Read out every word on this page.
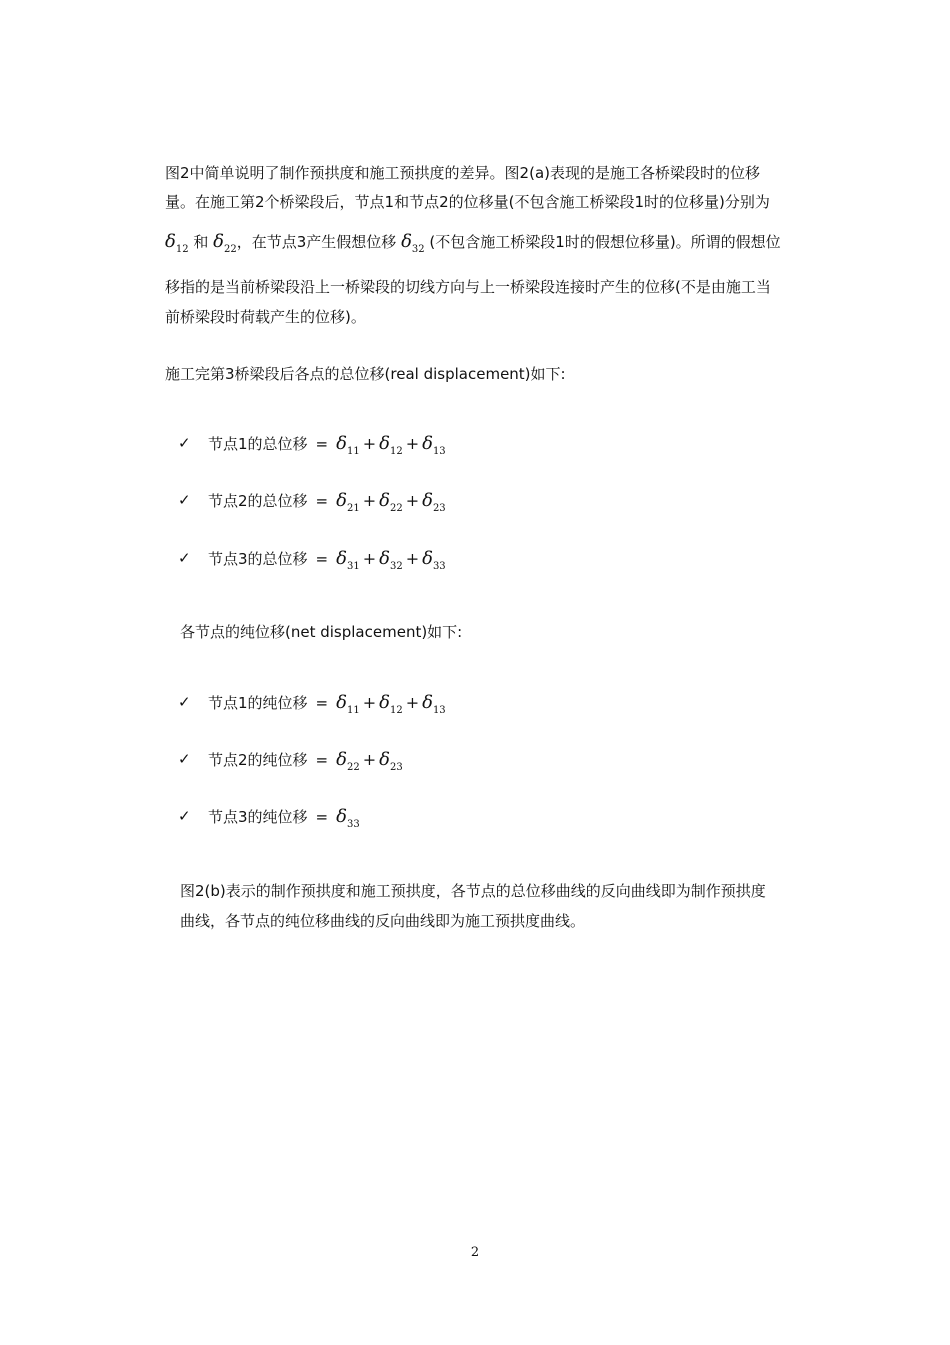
图2中简单说明了制作预拱度和施工预拱度的差异。图2(a)表现的是施工各桥梁段时的位移
量。在施工第2个桥梁段后，节点1和节点2的位移量(不包含施工桥梁段1时的位移量)分别为
$\delta_{12}$ 和 $\delta_{22}$，在节点3产生假想位移 $\delta_{32}$ (不包含施工桥梁段1时的假想位移量)。所谓的假想位
移指的是当前桥梁段沿上一桥梁段的切线方向与上一桥梁段连接时产生的位移(不是由施工当
前桥梁段时荷载产生的位移)。
施工完第3桥梁段后各点的总位移(real displacement)如下:
✓ 节点1的总位移 = $\delta_{11} + \delta_{12} + \delta_{13}$
✓ 节点2的总位移 = $\delta_{21} + \delta_{22} + \delta_{23}$
✓ 节点3的总位移 = $\delta_{31} + \delta_{32} + \delta_{33}$
各节点的纯位移(net displacement)如下:
✓ 节点1的纯位移 = $\delta_{11} + \delta_{12} + \delta_{13}$
✓ 节点2的纯位移 = $\delta_{22} + \delta_{23}$
✓ 节点3的纯位移 = $\delta_{33}$
图2(b)表示的制作预拱度和施工预拱度，各节点的总位移曲线的反向曲线即为制作预拱度
曲线，各节点的纯位移曲线的反向曲线即为施工预拱度曲线。
2
